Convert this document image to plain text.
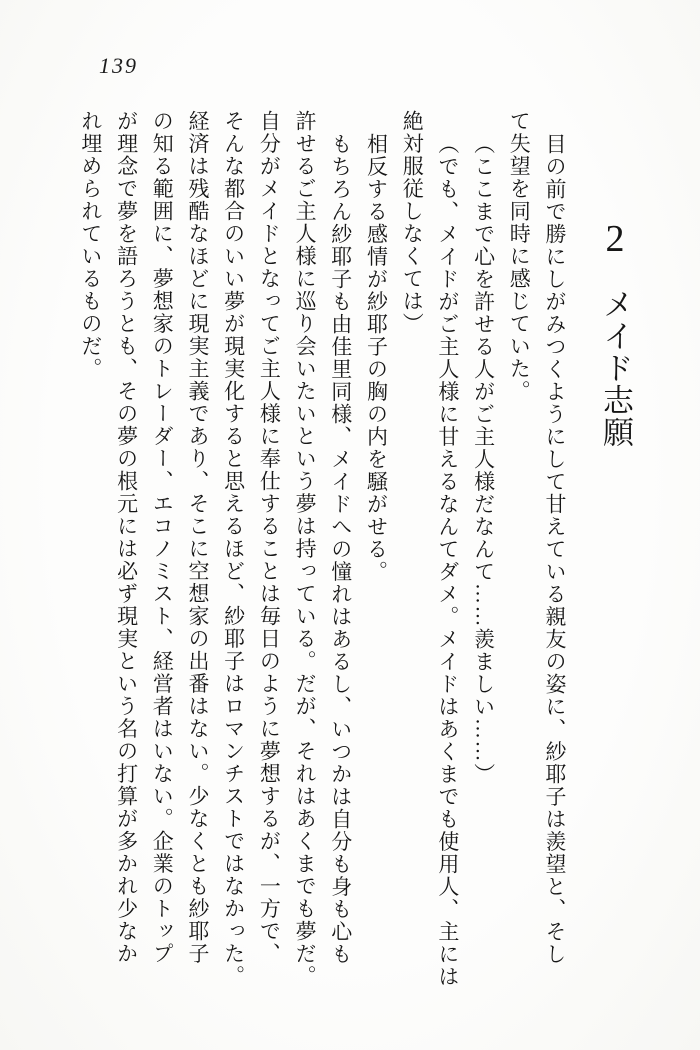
139
2メイド志願

目の前で勝にしがみつくようにして甘えている親友の姿に、紗耶子は羨望と、そし

て失望を同時に感じていた。

（ここまで心を許せる人がご主人様だなんて……羨ましい……）

（でも、メイドがご主人様に甘えるなんてダメ。メイドはあくまでも使用人、主には

絶対服従しなくては）

相反する感情が紗耶子の胸の内を騒がせる。

もちろん紗耶子も由佳里同様、メイドへの憧れはあるし、いつかは自分も身も心も

許せるご主人様に巡り会いたいという夢は持っている。だが、それはあくまでも夢だ。

自分がメイドとなってご主人様に奉仕することは毎日のように夢想するが、一方で、

そんな都合のいい夢が現実化すると思えるほど、紗耶子はロマンチストではなかった。

経済は残酷なほどに現実主義であり、そこに空想家の出番はない。少なくとも紗耶子

の知る範囲に、夢想家のトレーダー、エコノミスト、経営者はいない。企業のトップ

が理念で夢を語ろうとも、その夢の根元には必ず現実という名の打算が多かれ少なか

れ埋められているものだ。
